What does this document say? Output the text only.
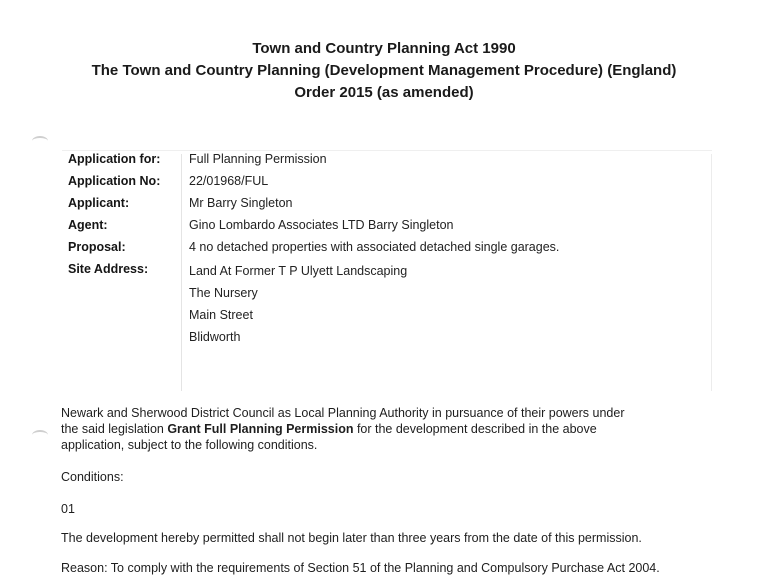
Town and Country Planning Act 1990
The Town and Country Planning (Development Management Procedure) (England)
Order 2015 (as amended)
Application for:	Full Planning Permission
Application No:	22/01968/FUL
Applicant:	Mr Barry Singleton
Agent:	Gino Lombardo Associates LTD Barry Singleton
Proposal:	4 no detached properties with associated detached single garages.
Site Address:	Land At Former T P Ulyett Landscaping
The Nursery
Main Street
Blidworth
Newark and Sherwood District Council as Local Planning Authority in pursuance of their powers under
the said legislation Grant Full Planning Permission for the development described in the above
application, subject to the following conditions.
Conditions:
01
The development hereby permitted shall not begin later than three years from the date of this permission.
Reason: To comply with the requirements of Section 51 of the Planning and Compulsory Purchase Act 2004.
